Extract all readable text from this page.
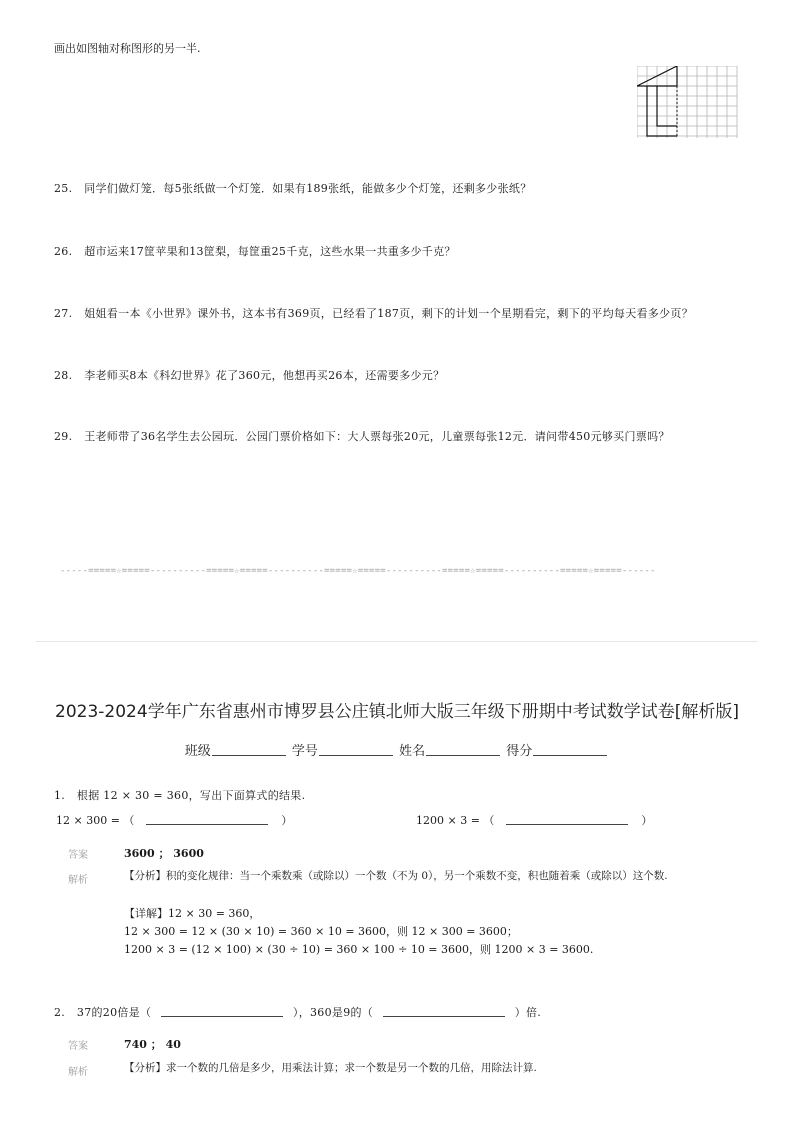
画出如图轴对称图形的另一半.
25. 同学们做灯笼．每5张纸做一个灯笼．如果有189张纸，能做多少个灯笼，还剩多少张纸？
26. 超市运来17筐苹果和13筐梨，每筐重25千克，这些水果一共重多少千克？
27. 姐姐看一本《小世界》课外书，这本书有369页，已经看了187页，剩下的计划一个星期看完，剩下的平均每天看多少页？
28. 李老师买8本《科幻世界》花了360元，他想再买26本，还需要多少元？
29. 王老师带了36名学生去公园玩．公园门票价格如下：大人票每张20元，儿童票每张12元．请问带450元够买门票吗？
-----=====☆=====----------=====☆=====----------=====☆=====----------=====☆=====----------=====☆=====------
2023-2024学年广东省惠州市博罗县公庄镇北师大版三年级下册期中考试数学试卷[解析版]
班级	学号	姓名	得分
1. 根据 12 × 30 = 360，写出下面算式的结果.
12 × 300 = （	）	1200 × 3 = （	）
答案	3600 ； 3600
解析	【分析】积的变化规律：当一个乘数乘（或除以）一个数（不为 0），另一个乘数不变，积也随着乘（或除以）这个数.
【详解】12 × 30 = 360，
12 × 300 = 12 × (30 × 10) = 360 × 10 = 3600，则 12 × 300 = 3600；
1200 × 3 = (12 × 100) × (30 ÷ 10) = 360 × 100 ÷ 10 = 3600，则 1200 × 3 = 3600.
2. 37的20倍是（	），360是9的（	）倍.
答案	740 ； 40
解析	【分析】求一个数的几倍是多少，用乘法计算；求一个数是另一个数的几倍，用除法计算.
